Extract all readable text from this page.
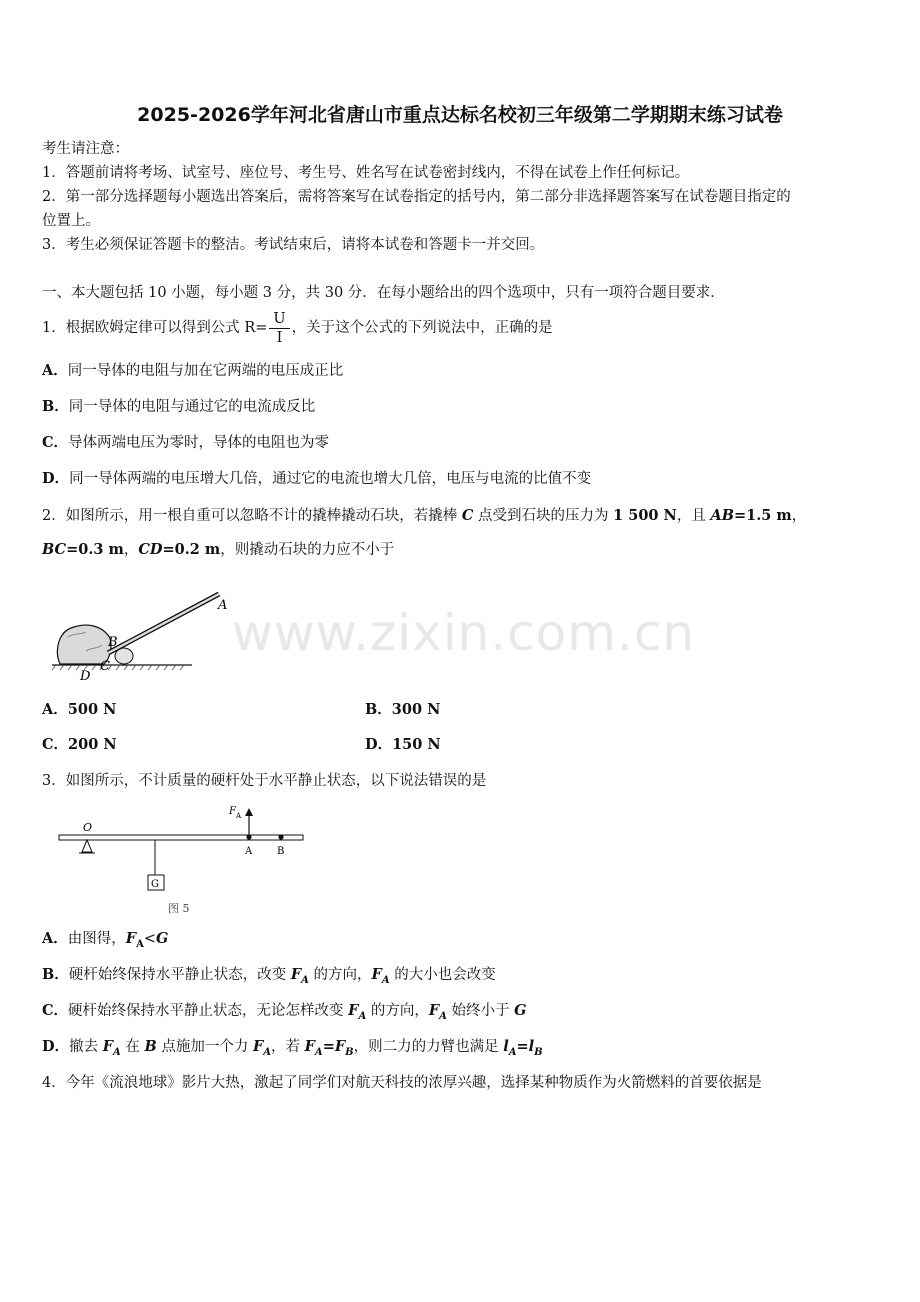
www.zixin.com.cn
2025-2026学年河北省唐山市重点达标名校初三年级第二学期期末练习试卷
考生请注意：
1．答题前请将考场、试室号、座位号、考生号、姓名写在试卷密封线内，不得在试卷上作任何标记。
2．第一部分选择题每小题选出答案后，需将答案写在试卷指定的括号内，第二部分非选择题答案写在试卷题目指定的
位置上。
3．考生必须保证答题卡的整洁。考试结束后，请将本试卷和答题卡一并交回。
一、本大题包括 10 小题，每小题 3 分，共 30 分．在每小题给出的四个选项中，只有一项符合题目要求．
1．根据欧姆定律可以得到公式 $R= \frac{U}{I}$ ，关于这个公式的下列说法中，正确的是
A．同一导体的电阻与加在它两端的电压成正比
B．同一导体的电阻与通过它的电流成反比
C．导体两端电压为零时，导体的电阻也为零
D．同一导体两端的电压增大几倍，通过它的电流也增大几倍，电压与电流的比值不变
2．如图所示，用一根自重可以忽略不计的撬棒撬动石块，若撬棒 C 点受到石块的压力为 1 500 N，且 AB=1.5 m，
BC=0.3 m，CD=0.2 m，则撬动石块的力应不小于
A
B
C
D
A．500 N	B．300 N
C．200 N	D．150 N
3．如图所示，不计质量的硬杆处于水平静止状态，以下说法错误的是
O
G
F A
A B
图 5
A．由图得，$F_A<G$
B．硬杆始终保持水平静止状态，改变 $F_A$ 的方向，$F_A$ 的大小也会改变
C．硬杆始终保持水平静止状态，无论怎样改变 $F_A$ 的方向，$F_A$ 始终小于 G
D．撤去 $F_A$ 在 B 点施加一个力 $F_A$，若 $F_A=F_B$，则二力的力臂也满足 $l_A=l_B$
4．今年《流浪地球》影片大热，激起了同学们对航天科技的浓厚兴趣，选择某种物质作为火箭燃料的首要依据是
